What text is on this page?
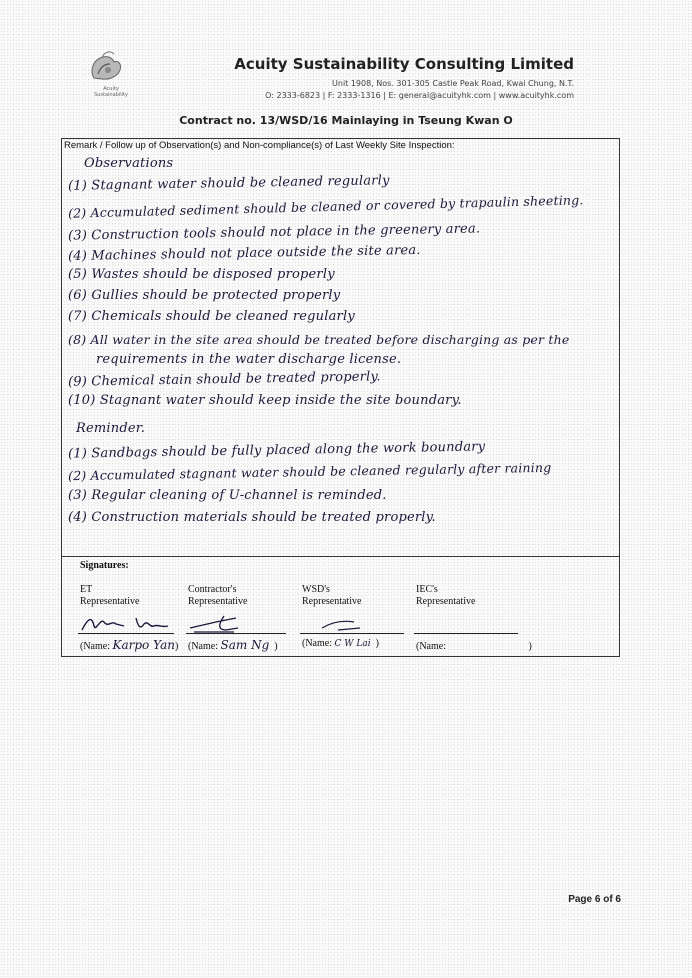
Acuity Sustainability
Acuity Sustainability Consulting Limited
Unit 1908, Nos. 301-305 Castle Peak Road, Kwai Chung, N.T.
O: 2333-6823 | F: 2333-1316 | E: general@acuityhk.com | www.acuityhk.com
Contract no. 13/WSD/16 Mainlaying in Tseung Kwan O
Remark / Follow up of Observation(s) and Non-compliance(s) of Last Weekly Site Inspection:
Observations
(1) Stagnant water should be cleaned regularly
(2) Accumulated sediment should be cleaned or covered by trapaulin sheeting.
(3) Construction tools should not place in the greenery area.
(4) Machines should not place outside the site area.
(5) Wastes should be disposed properly
(6) Gullies should be protected properly
(7) Chemicals should be cleaned regularly
(8) All water in the site area should be treated before discharging as per the
requirements in the water discharge license.
(9) Chemical stain should be treated properly.
(10) Stagnant water should keep inside the site boundary.
Reminder.
(1) Sandbags should be fully placed along the work boundary
(2) Accumulated stagnant water should be cleaned regularly after raining
(3) Regular cleaning of U-channel is reminded.
(4) Construction materials should be treated properly.
Signatures:
ET
Representative
Contractor's
Representative
WSD's
Representative
IEC's
Representative
(Name: Karpo Yan) (Name: Sam Ng ) (Name: C W Lai )	(Name:	)
Page 6 of 6
